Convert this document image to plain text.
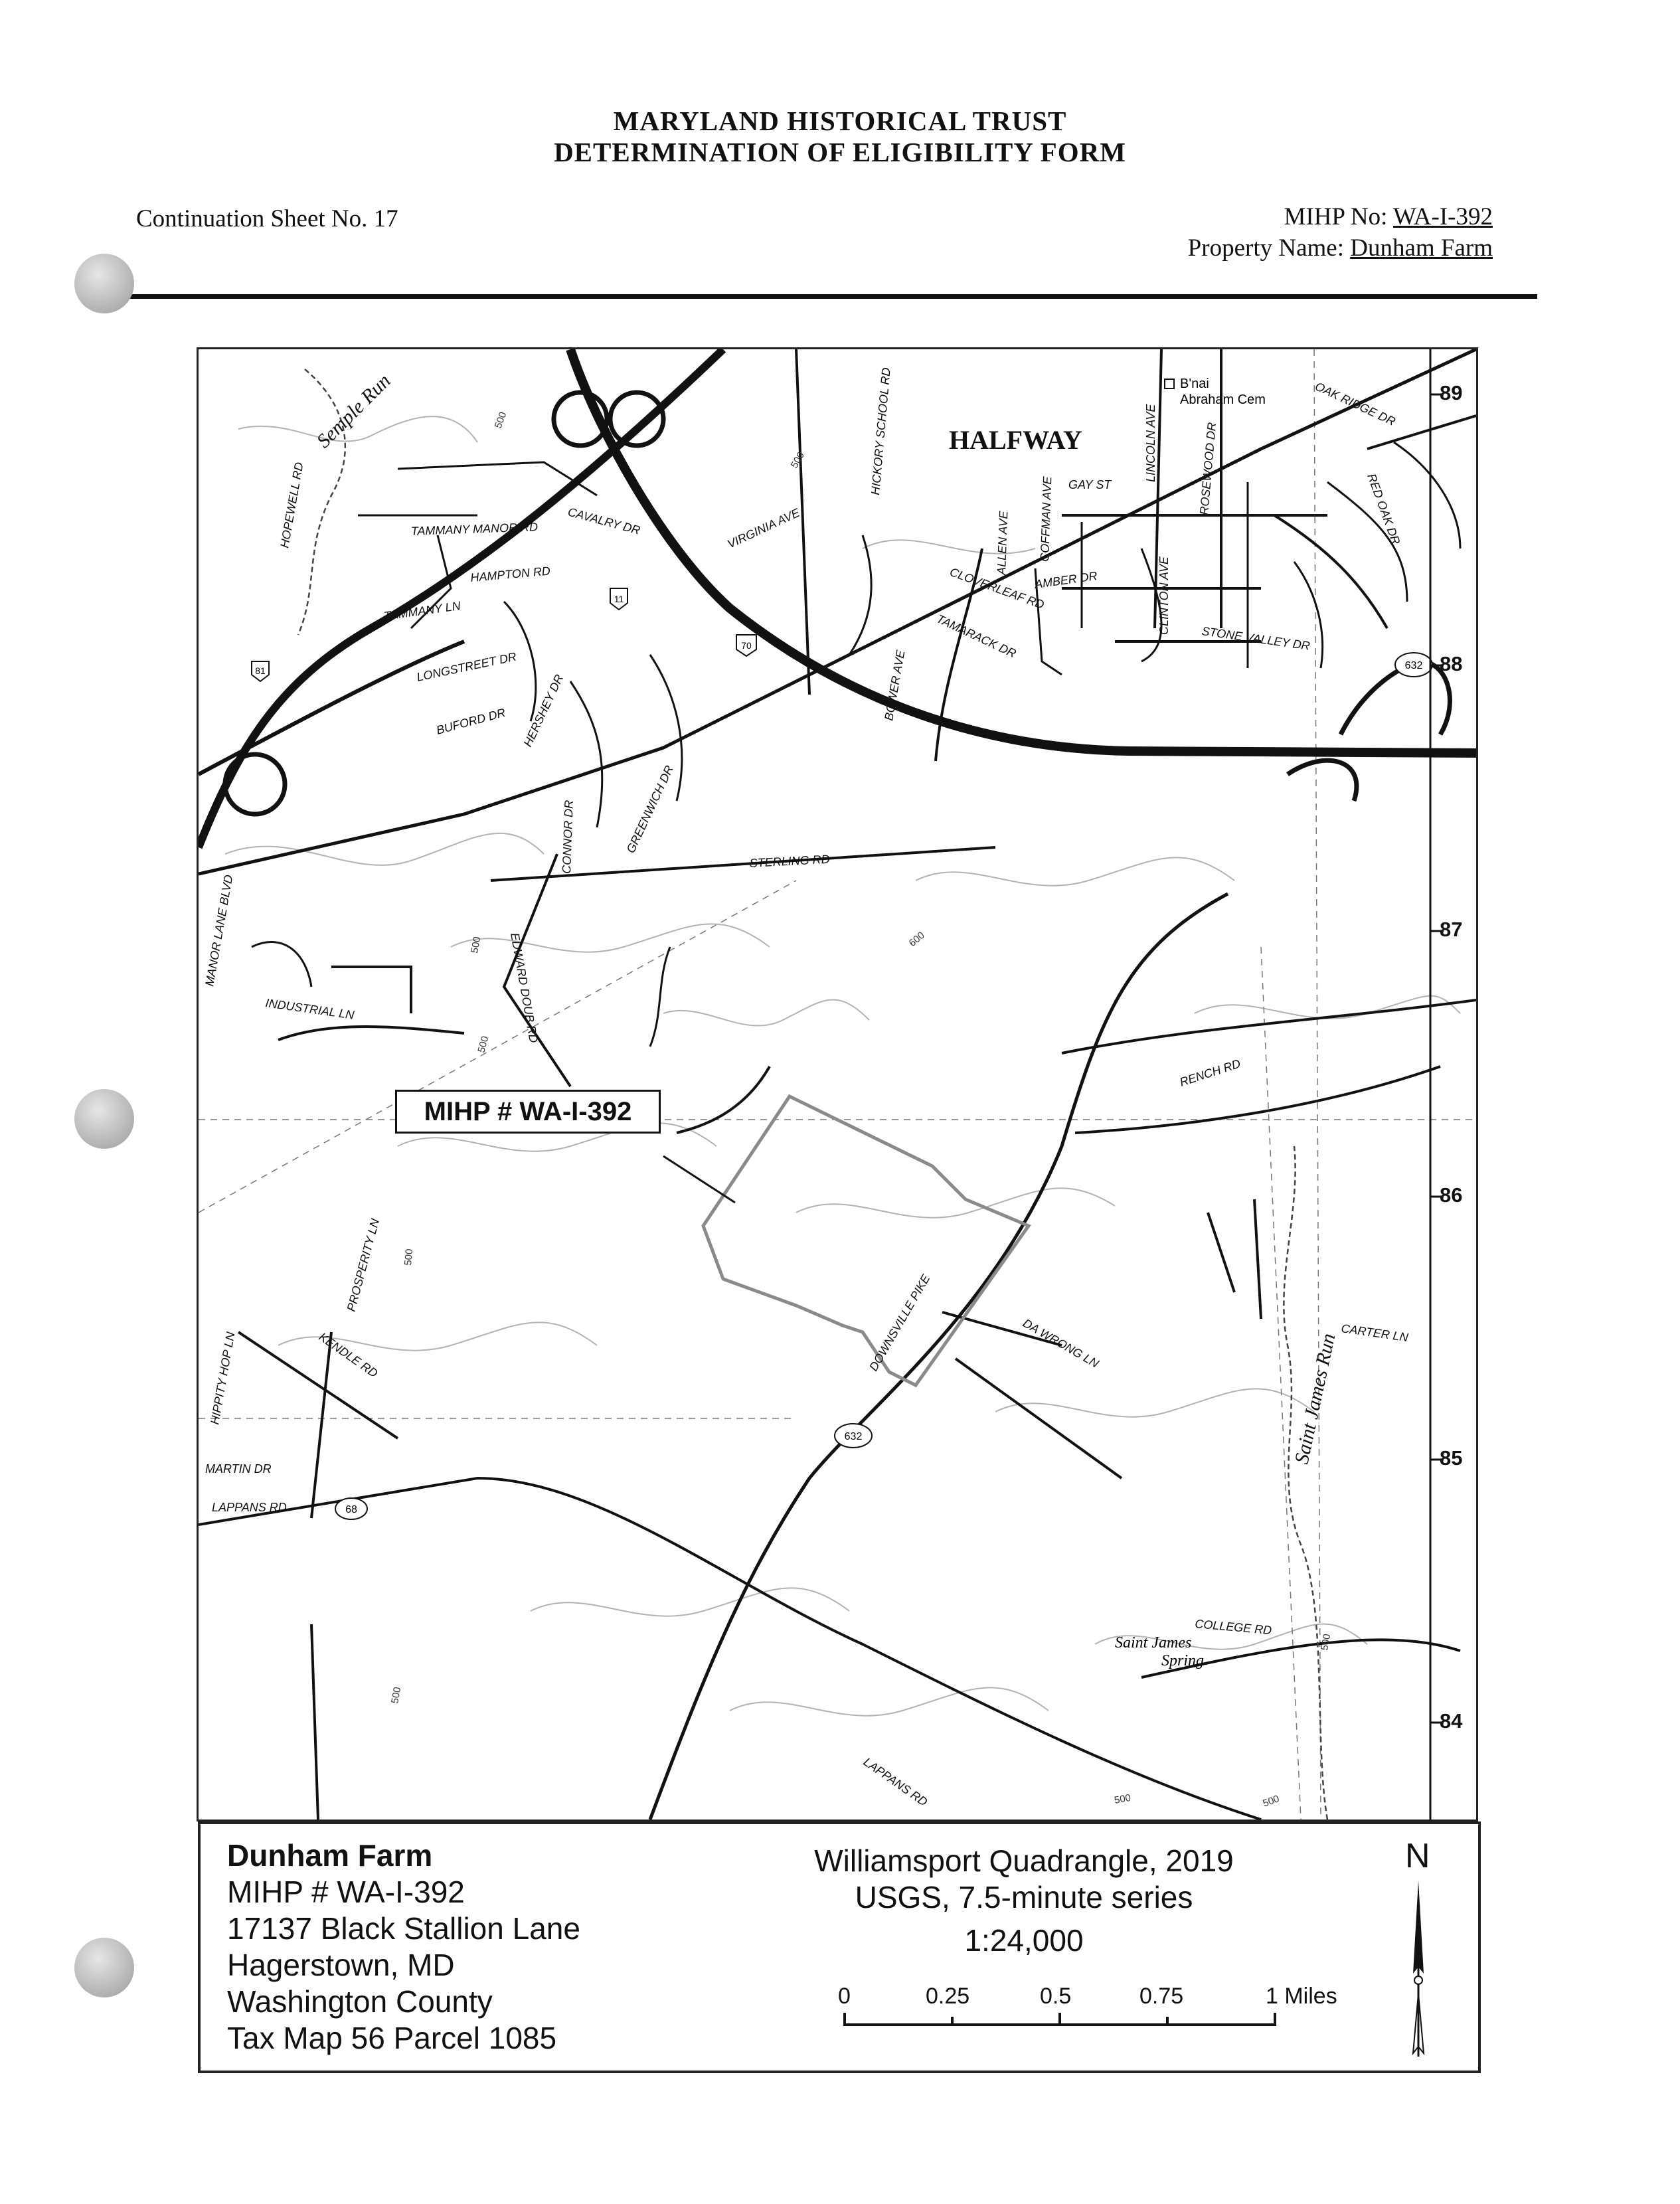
MARYLAND HISTORICAL TRUST
DETERMINATION OF ELIGIBILITY FORM
Continuation Sheet No. 17	MIHP No: WA-I-392
Property Name: Dunham Farm
81
70
11
632
632
68
HALFWAY
B'nai
Abraham Cem
Saint James
Spring
Semple Run
Saint James Run
HOPEWELL RD	TAMMANY MANOR RD CAVALRY DR
HAMPTON RD
TAMMANY LN
LONGSTREET DR
BUFORD DR HERSHEY DR
CONNOR DR	GREENWICH DR
VIRGINIA AVE
HICKORY SCHOOL RD
BOWER AVE
ALLEN AVE COFFMAN AVE
CLOVERLEAF RD
TAMARACK DR
AMBER DR
GAY ST
LINCOLN AVE
CLINTON AVE
ROSEWOOD DR
STONE VALLEY DR
OAK RIDGE DR
RED OAK DR
STERLING RD
EDWARD DOUB RD
INDUSTRIAL LN
MANOR LANE BLVD
RENCH RD
DOWNSVILLE PIKE	DA WRONG LN	CARTER LN
PROSPERITY LN
KENDLE RD
HIPPITY HOP LN
MARTIN DR
LAPPANS RD
LAPPANS RD
COLLEGE RD
500
500
500
500
500
500
500
500
600
500
89
88
87
86
85
84
MIHP # WA-I-392
Dunham Farm
MIHP # WA-I-392
17137 Black Stallion Lane
Hagerstown, MD
Washington County
Tax Map 56 Parcel 1085
Williamsport Quadrangle, 2019
USGS, 7.5-minute series
1:24,000
0	0.25	0.5	0.75	1 Miles
N
